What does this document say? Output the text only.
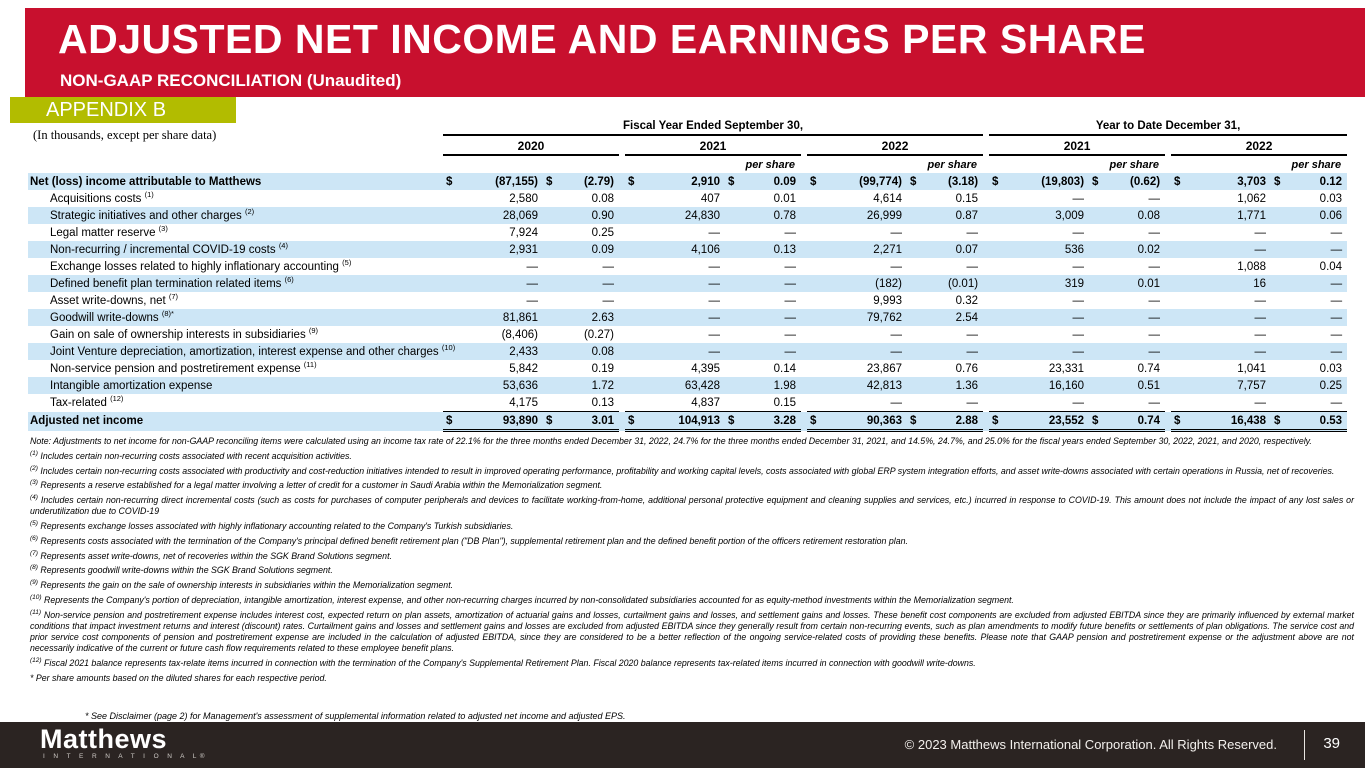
ADJUSTED NET INCOME AND EARNINGS PER SHARE
NON-GAAP RECONCILIATION (Unaudited)
APPENDIX B
(In thousands, except per share data)
	Fiscal Year Ended September 30,									Year to Date December 31,				
	2020			2021			2022			2021			2022	
				per share			per share			per share			per share	
Net (loss) income attributable to Matthews	$ (87,155)	$ (2.79)		$ 2,910	$ 0.09		$ (99,774)	$ (3.18)		$ (19,803)	$ (0.62)		$ 3,703	$ 0.12
Acquisitions costs $^{(1)}$	2,580	0.08		407	0.01		4,614	0.15		—	—		1,062	0.03
Strategic initiatives and other charges $^{(2)}$	28,069	0.90		24,830	0.78		26,999	0.87		3,009	0.08		1,771	0.06
Legal matter reserve $^{(3)}$	7,924	0.25		—	—		—	—		—	—		—	—
Non-recurring / incremental COVID-19 costs $^{(4)}$	2,931	0.09		4,106	0.13		2,271	0.07		536	0.02		—	—
Exchange losses related to highly inflationary accounting $^{(5)}$	—	—		—	—		—	—		—	—		1,088	0.04
Defined benefit plan termination related items $^{(6)}$	—	—		—	—		(182)	(0.01)		319	0.01		16	—
Asset write-downs, net $^{(7)}$	—	—		—	—		9,993	0.32		—	—		—	—
Goodwill write-downs $^{(8)*}$	81,861	2.63		—	—		79,762	2.54		—	—		—	—
Gain on sale of ownership interests in subsidiaries $^{(9)}$	(8,406)	(0.27)		—	—		—	—		—	—		—	—
Joint Venture depreciation, amortization, interest expense and other charges $^{(10)}$	2,433	0.08		—	—		—	—		—	—		—	—
Non-service pension and postretirement expense $^{(11)}$	5,842	0.19		4,395	0.14		23,867	0.76		23,331	0.74		1,041	0.03
Intangible amortization expense	53,636	1.72		63,428	1.98		42,813	1.36		16,160	0.51		7,757	0.25
Tax-related $^{(12)}$	4,175	0.13		4,837	0.15		—	—		—	—		—	—
Adjusted net income	$ 93,890	$ 3.01		$ 104,913	$ 3.28		$ 90,363	$ 2.88		$ 23,552	$ 0.74		$ 16,438	$ 0.53

Note: Adjustments to net income for non-GAAP reconciling items were calculated using an income tax rate of 22.1% for the three months ended December 31, 2022, 24.7% for the three months ended December 31, 2021, and 14.5%, 24.7%, and 25.0% for the fiscal years ended September 30, 2022, 2021, and 2020, respectively.

$^{(1)}$ Includes certain non-recurring costs associated with recent acquisition activities.

$^{(2)}$ Includes certain non-recurring costs associated with productivity and cost-reduction initiatives intended to result in improved operating performance, profitability and working capital levels, costs associated with global ERP system integration efforts, and asset write-downs associated with certain operations in Russia, net of recoveries.

$^{(3)}$ Represents a reserve established for a legal matter involving a letter of credit for a customer in Saudi Arabia within the Memorialization segment.

$^{(4)}$ Includes certain non-recurring direct incremental costs (such as costs for purchases of computer peripherals and devices to facilitate working-from-home, additional personal protective equipment and cleaning supplies and services, etc.) incurred in response to COVID-19. This amount does not include the impact of any lost sales or underutilization due to COVID-19

$^{(5)}$ Represents exchange losses associated with highly inflationary accounting related to the Company's Turkish subsidiaries.

$^{(6)}$ Represents costs associated with the termination of the Company's principal defined benefit retirement plan ("DB Plan"), supplemental retirement plan and the defined benefit portion of the officers retirement restoration plan.

$^{(7)}$ Represents asset write-downs, net of recoveries within the SGK Brand Solutions segment.

$^{(8)}$ Represents goodwill write-downs within the SGK Brand Solutions segment.

$^{(9)}$ Represents the gain on the sale of ownership interests in subsidiaries within the Memorialization segment.

$^{(10)}$ Represents the Company's portion of depreciation, intangible amortization, interest expense, and other non-recurring charges incurred by non-consolidated subsidiaries accounted for as equity-method investments within the Memorialization segment.

$^{(11)}$ Non-service pension and postretirement expense includes interest cost, expected return on plan assets, amortization of actuarial gains and losses, curtailment gains and losses, and settlement gains and losses. These benefit cost components are excluded from adjusted EBITDA since they are primarily influenced by external market conditions that impact investment returns and interest (discount) rates. Curtailment gains and losses and settlement gains and losses are excluded from adjusted EBITDA since they generally result from certain non-recurring events, such as plan amendments to modify future benefits or settlements of plan obligations. The service cost and prior service cost components of pension and postretirement expense are included in the calculation of adjusted EBITDA, since they are considered to be a better reflection of the ongoing service-related costs of providing these benefits. Please note that GAAP pension and postretirement expense or the adjustment above are not necessarily indicative of the current or future cash flow requirements related to these employee benefit plans.

$^{(12)}$ Fiscal 2021 balance represents tax-relate items incurred in connection with the termination of the Company's Supplemental Retirement Plan. Fiscal 2020 balance represents tax-related items incurred in connection with goodwill write-downs.

* Per share amounts based on the diluted shares for each respective period.

* See Disclaimer (page 2) for Management's assessment of supplemental information related to adjusted net income and adjusted EPS.
Matthews
I N T E R N A T I O N A L®
© 2023 Matthews International Corporation. All Rights Reserved.	39
